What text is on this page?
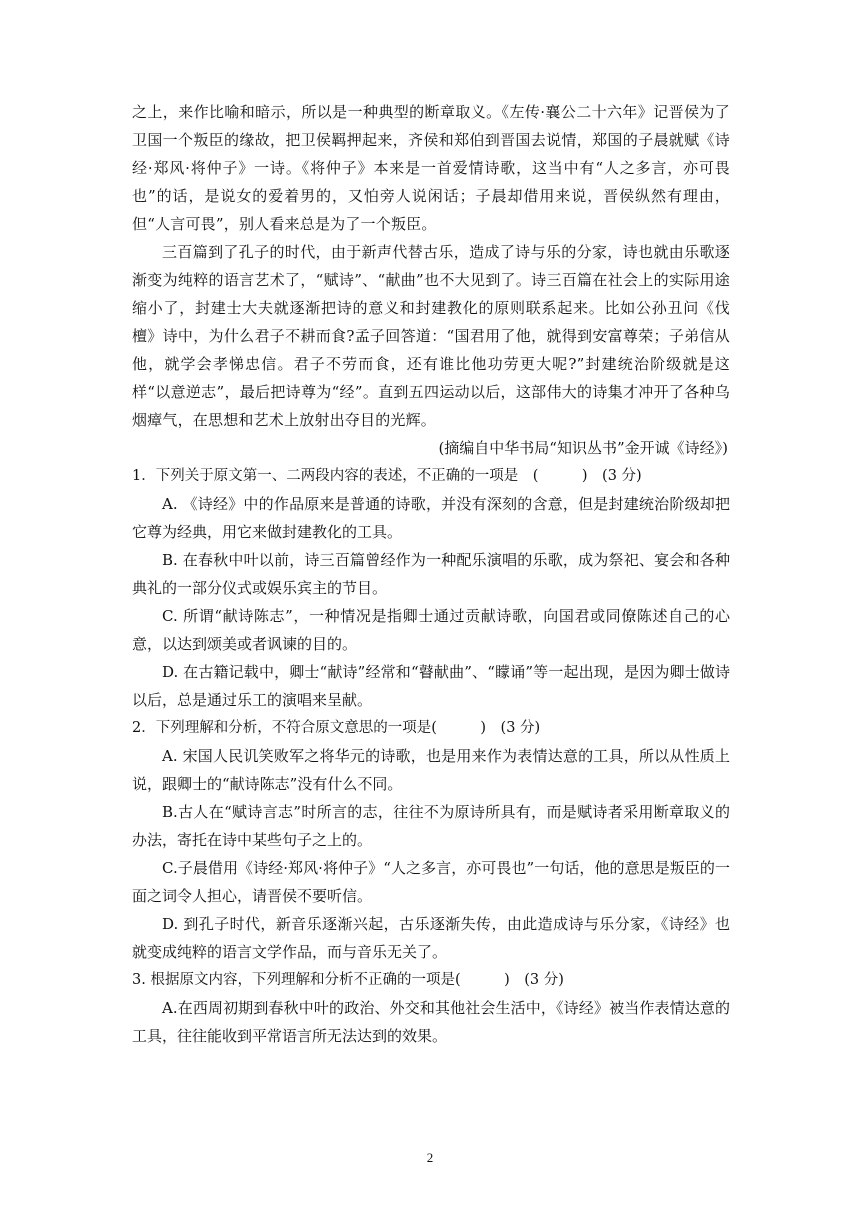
之上，来作比喻和暗示，所以是一种典型的断章取义。《左传·襄公二十六年》记晋侯为了卫国一个叛臣的缘故，把卫侯羁押起来，齐侯和郑伯到晋国去说情，郑国的子晨就赋《诗经·郑风·将仲子》一诗。《将仲子》本来是一首爱情诗歌，这当中有“人之多言，亦可畏也”的话，是说女的爱着男的，又怕旁人说闲话；子晨却借用来说，晋侯纵然有理由，但“人言可畏”，别人看来总是为了一个叛臣。

三百篇到了孔子的时代，由于新声代替古乐，造成了诗与乐的分家，诗也就由乐歌逐渐变为纯粹的语言艺术了，“赋诗”、“献曲”也不大见到了。诗三百篇在社会上的实际用途缩小了，封建士大夫就逐渐把诗的意义和封建教化的原则联系起来。比如公孙丑问《伐檀》诗中，为什么君子不耕而食?孟子回答道：“国君用了他，就得到安富尊荣；子弟信从他，就学会孝悌忠信。君子不劳而食，还有谁比他功劳更大呢?”封建统治阶级就是这样“以意逆志”，最后把诗尊为“经”。直到五四运动以后，这部伟大的诗集才冲开了各种乌烟瘴气，在思想和艺术上放射出夺目的光辉。

(摘编自中华书局“知识丛书”金开诚《诗经》)

1．下列关于原文第一、二两段内容的表述，不正确的一项是　(　　　)　(3 分)

A. 《诗经》中的作品原来是普通的诗歌，并没有深刻的含意，但是封建统治阶级却把它尊为经典，用它来做封建教化的工具。

B. 在春秋中叶以前，诗三百篇曾经作为一种配乐演唱的乐歌，成为祭祀、宴会和各种典礼的一部分仪式或娱乐宾主的节目。

C. 所谓“献诗陈志”，一种情况是指卿士通过贡献诗歌，向国君或同僚陈述自己的心意，以达到颂美或者讽谏的目的。

D. 在古籍记载中，卿士“献诗”经常和“瞽献曲”、“矇诵”等一起出现，是因为卿士做诗以后，总是通过乐工的演唱来呈献。

2．下列理解和分析，不符合原文意思的一项是(　　　)　(3 分)

A. 宋国人民讥笑败军之将华元的诗歌，也是用来作为表情达意的工具，所以从性质上说，跟卿士的“献诗陈志”没有什么不同。

B.古人在“赋诗言志”时所言的志，往往不为原诗所具有，而是赋诗者采用断章取义的办法，寄托在诗中某些句子之上的。

C.子晨借用《诗经·郑风·将仲子》“人之多言，亦可畏也”一句话，他的意思是叛臣的一面之词令人担心，请晋侯不要听信。

D. 到孔子时代，新音乐逐渐兴起，古乐逐渐失传，由此造成诗与乐分家，《诗经》也就变成纯粹的语言文学作品，而与音乐无关了。

3. 根据原文内容，下列理解和分析不正确的一项是(　　　)　(3 分)

A.在西周初期到春秋中叶的政治、外交和其他社会生活中，《诗经》被当作表情达意的工具，往往能收到平常语言所无法达到的效果。

2
